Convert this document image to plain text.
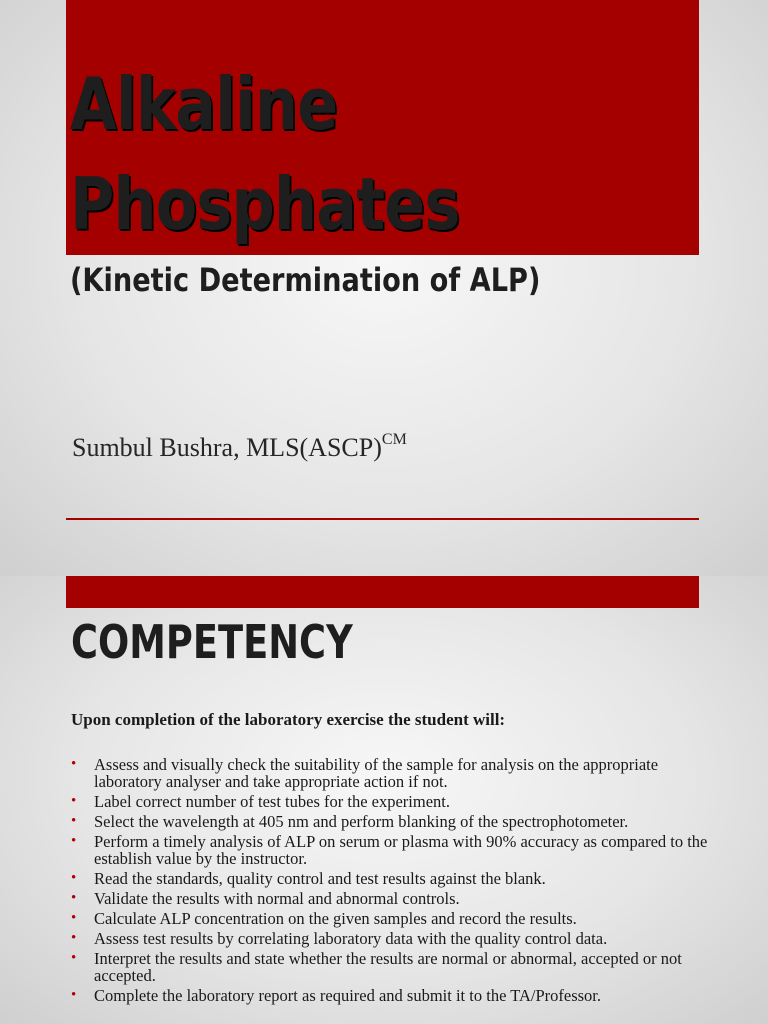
Alkaline
Phosphates
(Kinetic Determination of ALP)
Sumbul Bushra, MLS(ASCP)$^{CM}$
COMPETENCY

Upon completion of the laboratory exercise the student will:

• Assess and visually check the suitability of the sample for analysis on the appropriate laboratory analyser and take appropriate action if not.
• Label correct number of test tubes for the experiment.
• Select the wavelength at 405 nm and perform blanking of the spectrophotometer.
• Perform a timely analysis of ALP on serum or plasma with 90% accuracy as compared to the establish value by the instructor.
• Read the standards, quality control and test results against the blank.
• Validate the results with normal and abnormal controls.
• Calculate ALP concentration on the given samples and record the results.
• Assess test results by correlating laboratory data with the quality control data.
• Interpret the results and state whether the results are normal or abnormal, accepted or not accepted.
• Complete the laboratory report as required and submit it to the TA/Professor.
